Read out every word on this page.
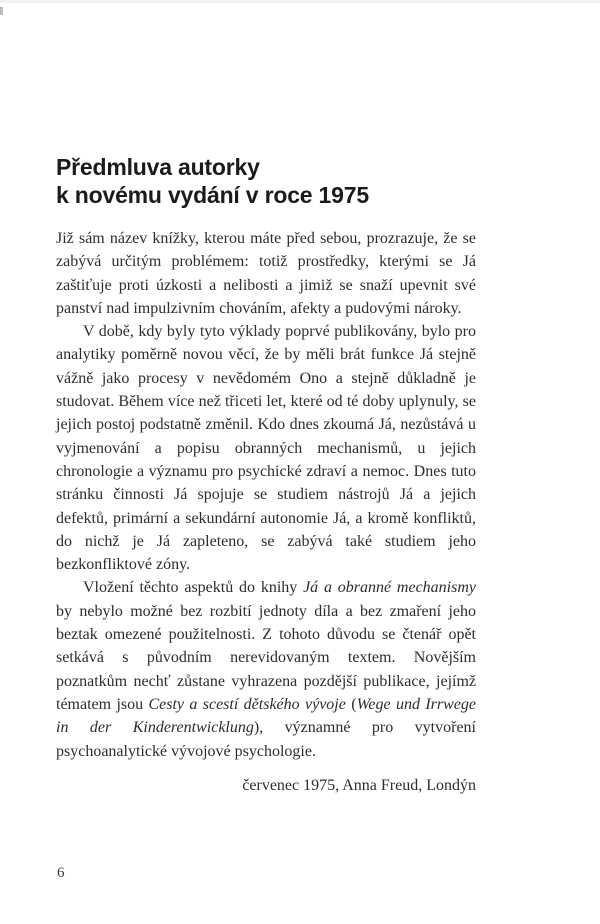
Předmluva autorky
k novému vydání v roce 1975

Již sám název knížky, kterou máte před sebou, prozrazuje, že se zabývá určitým problémem: totiž prostředky, kterými se Já zaštiťuje proti úzkosti a nelibosti a jimiž se snaží upevnit své panství nad impulzivním chováním, afekty a pudovými nároky.

V době, kdy byly tyto výklady poprvé publikovány, bylo pro analytiky poměrně novou věcí, že by měli brát funkce Já stejně vážně jako procesy v nevědomém Ono a stejně důkladně je studovat. Během více než třiceti let, které od té doby uplynuly, se jejich postoj podstatně změnil. Kdo dnes zkoumá Já, nezůstává u vyjmenování a popisu obranných mechanismů, u jejich chronologie a významu pro psychické zdraví a nemoc. Dnes tuto stránku činnosti Já spojuje se studiem nástrojů Já a jejich defektů, primární a sekundární autonomie Já, a kromě konfliktů, do nichž je Já zapleteno, se zabývá také studiem jeho bezkonfliktové zóny.

Vložení těchto aspektů do knihy Já a obranné mechanismy by nebylo možné bez rozbití jednoty díla a bez zmaření jeho beztak omezené použitelnosti. Z tohoto důvodu se čtenář opět setkává s původním nerevidovaným textem. Novějším poznatkům nechť zůstane vyhrazena pozdější publikace, jejímž tématem jsou Cesty a scestí dětského vývoje (Wege und Irrwege in der Kinderentwicklung), významné pro vytvoření psychoanalytické vývojové psychologie.

červenec 1975, Anna Freud, Londýn
6
